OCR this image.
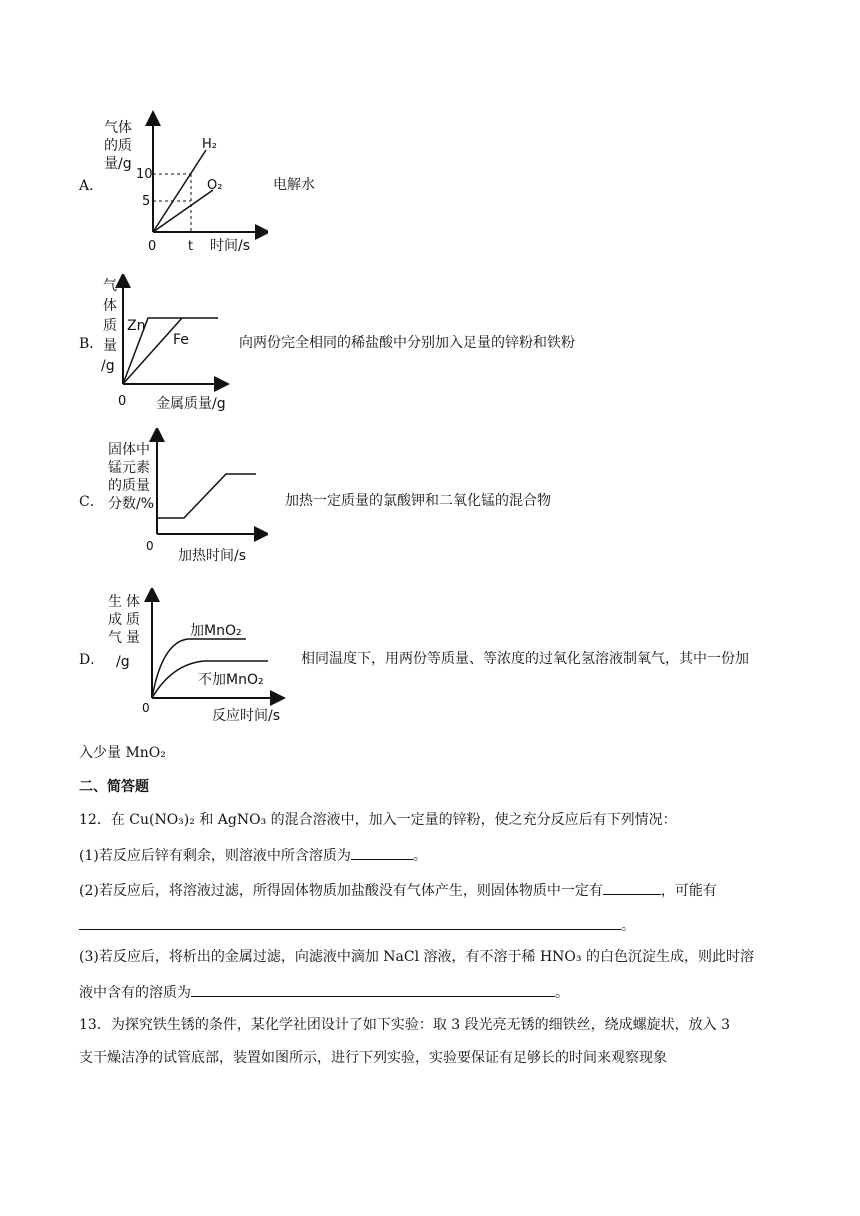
A．
气体
的质
量/g
10
5
0 t 时间/s
H₂
O₂	电解水
B．
气
体
质
量
/g
Zn
Fe
0 金属质量/g
向两份完全相同的稀盐酸中分别加入足量的锌粉和铁粉
C．
固体中
锰元素
的质量
分数/%
0
加热时间/s
加热一定质量的氯酸钾和二氧化锰的混合物
D．
生
成
气
体
质
量
/g
加MnO₂
不加MnO₂
0	反应时间/s
相同温度下，用两份等质量、等浓度的过氧化氢溶液制氧气，其中一份加
入少量 MnO₂
二、简答题
12．在 Cu(NO₃)₂ 和 AgNO₃ 的混合溶液中，加入一定量的锌粉，使之充分反应后有下列情况：
(1)若反应后锌有剩余，则溶液中所含溶质为	。
(2)若反应后，将溶液过滤，所得固体物质加盐酸没有气体产生，则固体物质中一定有	，可能有
。
(3)若反应后，将析出的金属过滤，向滤液中滴加 NaCl 溶液，有不溶于稀 HNO₃ 的白色沉淀生成，则此时溶
液中含有的溶质为	。
13．为探究铁生锈的条件，某化学社团设计了如下实验：取 3 段光亮无锈的细铁丝，绕成螺旋状，放入 3
支干燥洁净的试管底部，装置如图所示，进行下列实验，实验要保证有足够长的时间来观察现象
